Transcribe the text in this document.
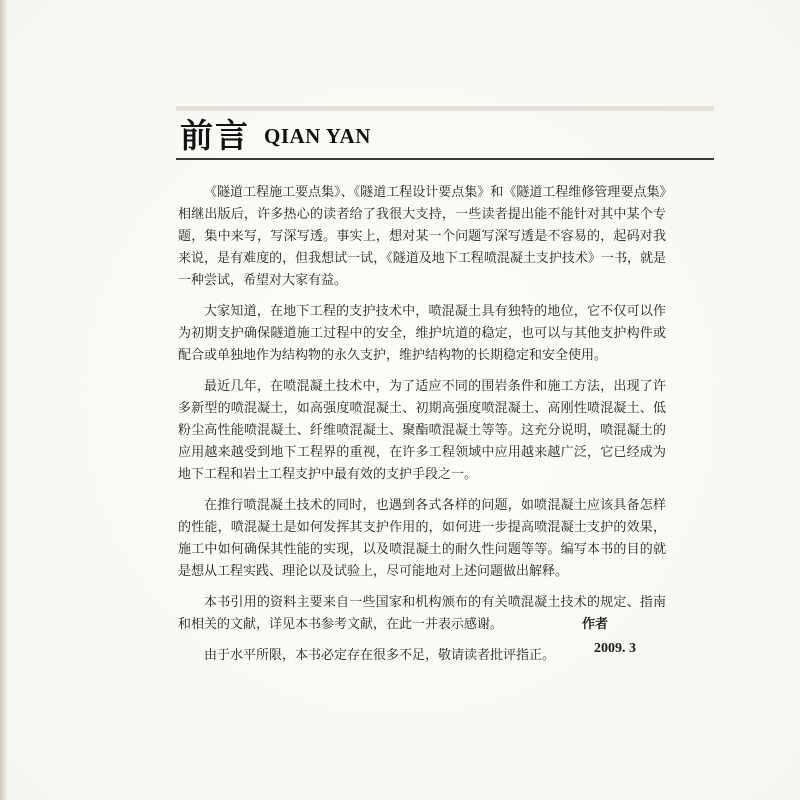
前言 QIAN YAN

《隧道工程施工要点集》、《隧道工程设计要点集》和《隧道工程维修管理要点集》相继出版后，许多热心的读者给了我很大支持，一些读者提出能不能针对其中某个专题，集中来写，写深写透。事实上，想对某一个问题写深写透是不容易的，起码对我来说，是有难度的，但我想试一试，《隧道及地下工程喷混凝土支护技术》一书，就是一种尝试，希望对大家有益。

大家知道，在地下工程的支护技术中，喷混凝土具有独特的地位，它不仅可以作为初期支护确保隧道施工过程中的安全，维护坑道的稳定，也可以与其他支护构件或配合或单独地作为结构物的永久支护，维护结构物的长期稳定和安全使用。

最近几年，在喷混凝土技术中，为了适应不同的围岩条件和施工方法，出现了许多新型的喷混凝土，如高强度喷混凝土、初期高强度喷混凝土、高刚性喷混凝土、低粉尘高性能喷混凝土、纤维喷混凝土、聚酯喷混凝土等等。这充分说明，喷混凝土的应用越来越受到地下工程界的重视，在许多工程领域中应用越来越广泛，它已经成为地下工程和岩土工程支护中最有效的支护手段之一。

在推行喷混凝土技术的同时，也遇到各式各样的问题，如喷混凝土应该具备怎样的性能，喷混凝土是如何发挥其支护作用的，如何进一步提高喷混凝土支护的效果，施工中如何确保其性能的实现，以及喷混凝土的耐久性问题等等。编写本书的目的就是想从工程实践、理论以及试验上，尽可能地对上述问题做出解释。

本书引用的资料主要来自一些国家和机构颁布的有关喷混凝土技术的规定、指南和相关的文献，详见本书参考文献，在此一并表示感谢。

由于水平所限，本书必定存在很多不足，敬请读者批评指正。

作者
2009. 3
